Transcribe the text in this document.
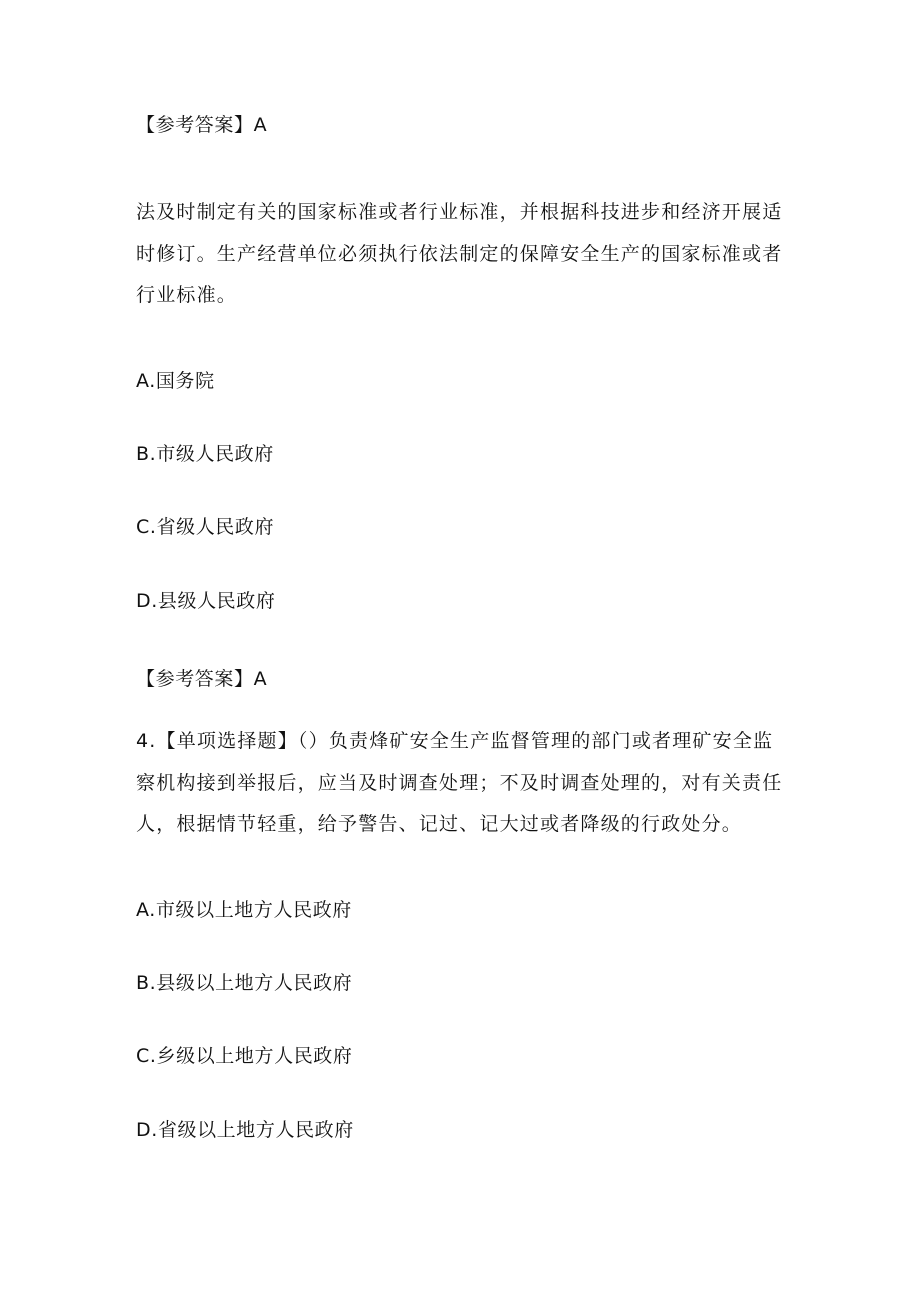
【参考答案】A
法及时制定有关的国家标准或者行业标准，并根据科技进步和经济开展适
时修订。生产经营单位必须执行依法制定的保障安全生产的国家标准或者
行业标准。
A.国务院
B.市级人民政府
C.省级人民政府
D.县级人民政府
【参考答案】A
4.【单项选择题】（）负责烽矿安全生产监督管理的部门或者理矿安全监
察机构接到举报后，应当及时调查处理；不及时调查处理的，对有关责任
人，根据情节轻重，给予警告、记过、记大过或者降级的行政处分。
A.市级以上地方人民政府
B.县级以上地方人民政府
C.乡级以上地方人民政府
D.省级以上地方人民政府
